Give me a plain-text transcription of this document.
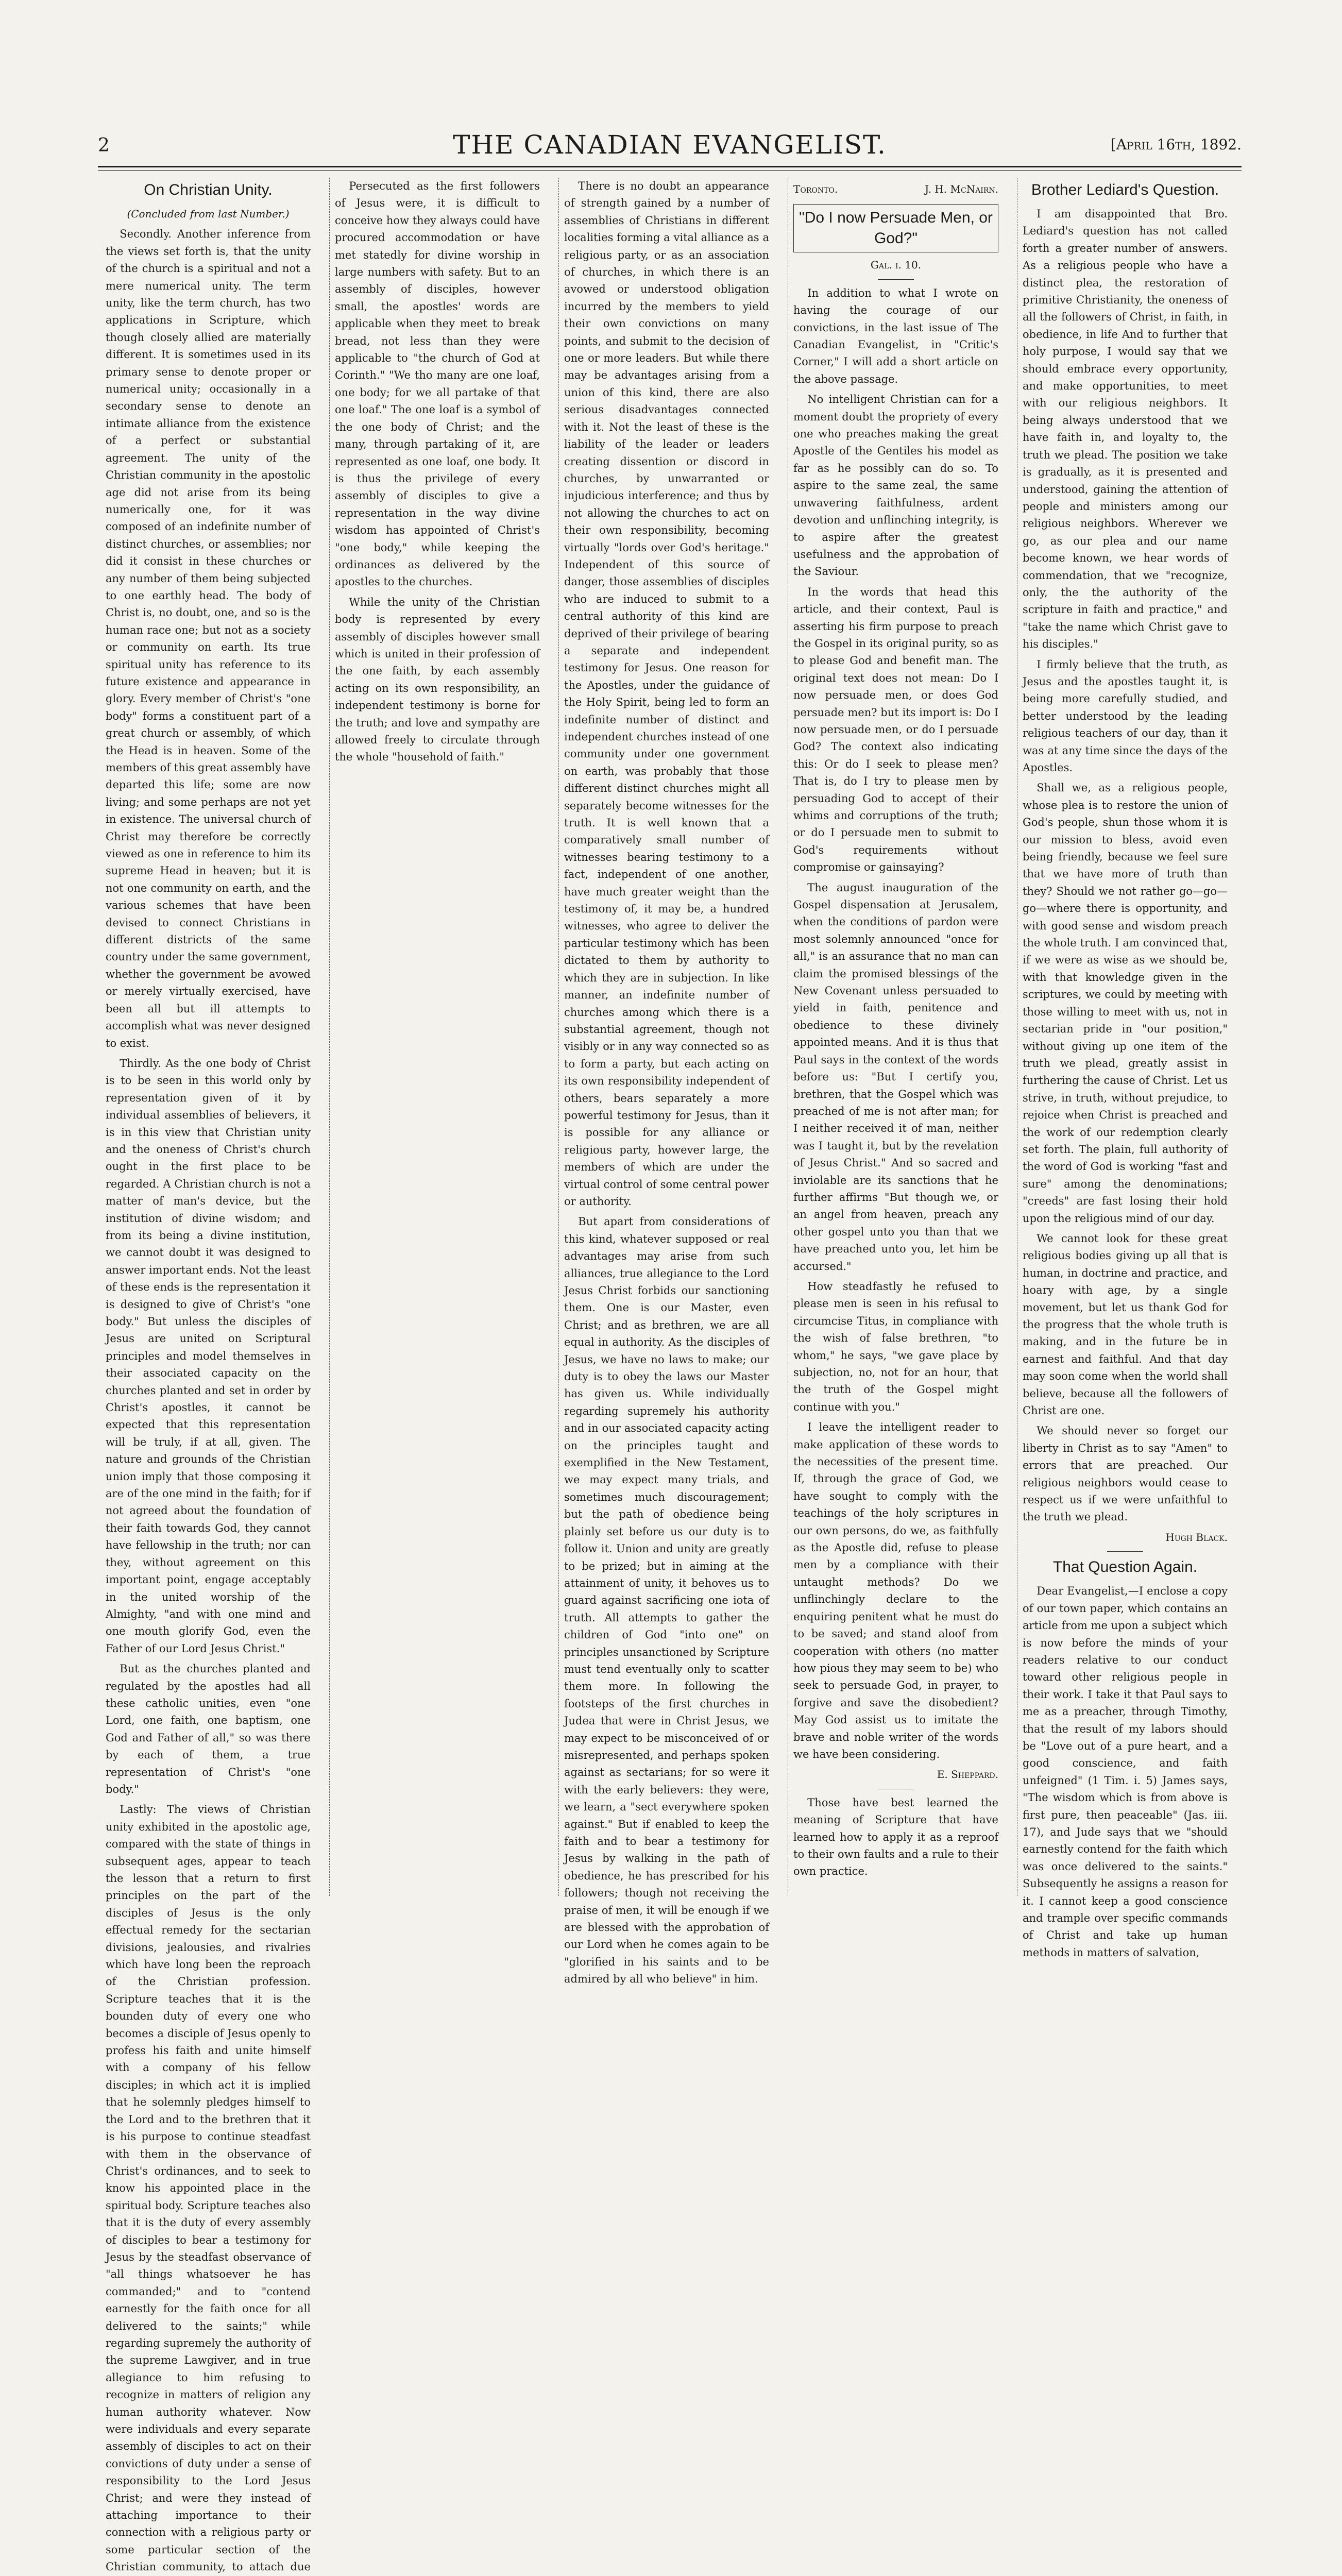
2	THE CANADIAN EVANGELIST.	[April 16th, 1892.
On Christian Unity.
(Concluded from last Number.)

Secondly. Another inference from the views set forth is, that the unity of the church is a spiritual and not a mere numerical unity. The term unity, like the term church, has two applications in Scripture, which though closely allied are materially different. It is sometimes used in its primary sense to denote proper or numerical unity; occasionally in a secondary sense to denote an intimate alliance from the existence of a perfect or substantial agreement. The unity of the Christian community in the apostolic age did not arise from its being numerically one, for it was composed of an indefinite number of distinct churches, or assemblies; nor did it consist in these churches or any number of them being subjected to one earthly head. The body of Christ is, no doubt, one, and so is the human race one; but not as a society or community on earth. Its true spiritual unity has reference to its future existence and appearance in glory. Every member of Christ's "one body" forms a constituent part of a great church or assembly, of which the Head is in heaven. Some of the members of this great assembly have departed this life; some are now living; and some perhaps are not yet in existence. The universal church of Christ may therefore be correctly viewed as one in reference to him its supreme Head in heaven; but it is not one community on earth, and the various schemes that have been devised to connect Christians in different districts of the same country under the same government, whether the government be avowed or merely virtually exercised, have been all but ill attempts to accomplish what was never designed to exist.

Thirdly. As the one body of Christ is to be seen in this world only by representation given of it by individual assemblies of believers, it is in this view that Christian unity and the oneness of Christ's church ought in the first place to be regarded. A Christian church is not a matter of man's device, but the institution of divine wisdom; and from its being a divine institution, we cannot doubt it was designed to answer important ends. Not the least of these ends is the representation it is designed to give of Christ's "one body." But unless the disciples of Jesus are united on Scriptural principles and model themselves in their associated capacity on the churches planted and set in order by Christ's apostles, it cannot be expected that this representation will be truly, if at all, given. The nature and grounds of the Christian union imply that those composing it are of the one mind in the faith; for if not agreed about the foundation of their faith towards God, they cannot have fellowship in the truth; nor can they, without agreement on this important point, engage acceptably in the united worship of the Almighty, "and with one mind and one mouth glorify God, even the Father of our Lord Jesus Christ."

But as the churches planted and regulated by the apostles had all these catholic unities, even "one Lord, one faith, one baptism, one God and Father of all," so was there by each of them, a true representation of Christ's "one body."

Lastly: The views of Christian unity exhibited in the apostolic age, compared with the state of things in subsequent ages, appear to teach the lesson that a return to first principles on the part of the disciples of Jesus is the only effectual remedy for the sectarian divisions, jealousies, and rivalries which have long been the reproach of the Christian profession. Scripture teaches that it is the bounden duty of every one who becomes a disciple of Jesus openly to profess his faith and unite himself with a company of his fellow disciples; in which act it is implied that he solemnly pledges himself to the Lord and to the brethren that it is his purpose to continue steadfast with them in the observance of Christ's ordinances, and to seek to know his appointed place in the spiritual body. Scripture teaches also that it is the duty of every assembly of disciples to bear a testimony for Jesus by the steadfast observance of "all things whatsoever he has commanded;" and to "contend earnestly for the faith once for all delivered to the saints;" while regarding supremely the authority of the supreme Lawgiver, and in true allegiance to him refusing to recognize in matters of religion any human authority whatever. Now were individuals and every separate assembly of disciples to act on their convictions of duty under a sense of responsibility to the Lord Jesus Christ; and were they instead of attaching importance to their connection with a religious party or some particular section of the Christian community, to attach due

Persecuted as the first followers of Jesus were, it is difficult to conceive how they always could have procured accommodation or have met statedly for divine worship in large numbers with safety. But to an assembly of disciples, however small, the apostles' words are applicable when they meet to break bread, not less than they were applicable to "the church of God at Corinth." "We tho many are one loaf, one body; for we all partake of that one loaf." The one loaf is a symbol of the one body of Christ; and the many, through partaking of it, are represented as one loaf, one body. It is thus the privilege of every assembly of disciples to give a representation in the way divine wisdom has appointed of Christ's "one body," while keeping the ordinances as delivered by the apostles to the churches.

While the unity of the Christian body is represented by every assembly of disciples however small which is united in their profession of the one faith, by each assembly acting on its own responsibility, an independent testimony is borne for the truth; and love and sympathy are allowed freely to circulate through the whole "household of faith."

There is no doubt an appearance of strength gained by a number of assemblies of Christians in different localities forming a vital alliance as a religious party, or as an association of churches, in which there is an avowed or understood obligation incurred by the members to yield their own convictions on many points, and submit to the decision of one or more leaders. But while there may be advantages arising from a union of this kind, there are also serious disadvantages connected with it. Not the least of these is the liability of the leader or leaders creating dissention or discord in churches, by unwarranted or injudicious interference; and thus by not allowing the churches to act on their own responsibility, becoming virtually "lords over God's heritage." Independent of this source of danger, those assemblies of disciples who are induced to submit to a central authority of this kind are deprived of their privilege of bearing a separate and independent testimony for Jesus. One reason for the Apostles, under the guidance of the Holy Spirit, being led to form an indefinite number of distinct and independent churches instead of one community under one government on earth, was probably that those different distinct churches might all separately become witnesses for the truth. It is well known that a comparatively small number of witnesses bearing testimony to a fact, independent of one another, have much greater weight than the testimony of, it may be, a hundred witnesses, who agree to deliver the particular testimony which has been dictated to them by authority to which they are in subjection. In like manner, an indefinite number of churches among which there is a substantial agreement, though not visibly or in any way connected so as to form a party, but each acting on its own responsibility independent of others, bears separately a more powerful testimony for Jesus, than it is possible for any alliance or religious party, however large, the members of which are under the virtual control of some central power or authority.

But apart from considerations of this kind, whatever supposed or real advantages may arise from such alliances, true allegiance to the Lord Jesus Christ forbids our sanctioning them. One is our Master, even Christ; and as brethren, we are all equal in authority. As the disciples of Jesus, we have no laws to make; our duty is to obey the laws our Master has given us. While individually regarding supremely his authority and in our associated capacity acting on the principles taught and exemplified in the New Testament, we may expect many trials, and sometimes much discouragement; but the path of obedience being plainly set before us our duty is to follow it. Union and unity are greatly to be prized; but in aiming at the attainment of unity, it behoves us to guard against sacrificing one iota of truth. All attempts to gather the children of God "into one" on principles unsanctioned by Scripture must tend eventually only to scatter them more. In following the footsteps of the first churches in Judea that were in Christ Jesus, we may expect to be misconceived of or misrepresented, and perhaps spoken against as sectarians; for so were it with the early believers: they were, we learn, a "sect everywhere spoken against." But if enabled to keep the faith and to bear a testimony for Jesus by walking in the path of obedience, he has prescribed for his followers; though not receiving the praise of men, it will be enough if we are blessed with the approbation of our Lord when he comes again to be "glorified in his saints and to be admired by all who believe" in him.

Toronto.	J. H. McNairn.
"Do I now Persuade Men, or God?"
Gal. i. 10.

In addition to what I wrote on having the courage of our convictions, in the last issue of The Canadian Evangelist, in "Critic's Corner," I will add a short article on the above passage.

No intelligent Christian can for a moment doubt the propriety of every one who preaches making the great Apostle of the Gentiles his model as far as he possibly can do so. To aspire to the same zeal, the same unwavering faithfulness, ardent devotion and unflinching integrity, is to aspire after the greatest usefulness and the approbation of the Saviour.

In the words that head this article, and their context, Paul is asserting his firm purpose to preach the Gospel in its original purity, so as to please God and benefit man. The original text does not mean: Do I now persuade men, or does God persuade men? but its import is: Do I now persuade men, or do I persuade God? The context also indicating this: Or do I seek to please men? That is, do I try to please men by persuading God to accept of their whims and corruptions of the truth; or do I persuade men to submit to God's requirements without compromise or gainsaying?

The august inauguration of the Gospel dispensation at Jerusalem, when the conditions of pardon were most solemnly announced "once for all," is an assurance that no man can claim the promised blessings of the New Covenant unless persuaded to yield in faith, penitence and obedience to these divinely appointed means. And it is thus that Paul says in the context of the words before us: "But I certify you, brethren, that the Gospel which was preached of me is not after man; for I neither received it of man, neither was I taught it, but by the revelation of Jesus Christ." And so sacred and inviolable are its sanctions that he further affirms "But though we, or an angel from heaven, preach any other gospel unto you than that we have preached unto you, let him be accursed."

How steadfastly he refused to please men is seen in his refusal to circumcise Titus, in compliance with the wish of false brethren, "to whom," he says, "we gave place by subjection, no, not for an hour, that the truth of the Gospel might continue with you."

I leave the intelligent reader to make application of these words to the necessities of the present time. If, through the grace of God, we have sought to comply with the teachings of the holy scriptures in our own persons, do we, as faithfully as the Apostle did, refuse to please men by a compliance with their untaught methods? Do we unflinchingly declare to the enquiring penitent what he must do to be saved; and stand aloof from cooperation with others (no matter how pious they may seem to be) who seek to persuade God, in prayer, to forgive and save the disobedient? May God assist us to imitate the brave and noble writer of the words we have been considering.

E. Sheppard.

Those have best learned the meaning of Scripture that have learned how to apply it as a reproof to their own faults and a rule to their own practice.

Brother Lediard's Question.

I am disappointed that Bro. Lediard's question has not called forth a greater number of answers. As a religious people who have a distinct plea, the restoration of primitive Christianity, the oneness of all the followers of Christ, in faith, in obedience, in life And to further that holy purpose, I would say that we should embrace every opportunity, and make opportunities, to meet with our religious neighbors. It being always understood that we have faith in, and loyalty to, the truth we plead. The position we take is gradually, as it is presented and understood, gaining the attention of people and ministers among our religious neighbors. Wherever we go, as our plea and our name become known, we hear words of commendation, that we "recognize, only, the the authority of the scripture in faith and practice," and "take the name which Christ gave to his disciples."

I firmly believe that the truth, as Jesus and the apostles taught it, is being more carefully studied, and better understood by the leading religious teachers of our day, than it was at any time since the days of the Apostles.

Shall we, as a religious people, whose plea is to restore the union of God's people, shun those whom it is our mission to bless, avoid even being friendly, because we feel sure that we have more of truth than they? Should we not rather go—go—go—where there is opportunity, and with good sense and wisdom preach the whole truth. I am convinced that, if we were as wise as we should be, with that knowledge given in the scriptures, we could by meeting with those willing to meet with us, not in sectarian pride in "our position," without giving up one item of the truth we plead, greatly assist in furthering the cause of Christ. Let us strive, in truth, without prejudice, to rejoice when Christ is preached and the work of our redemption clearly set forth. The plain, full authority of the word of God is working "fast and sure" among the denominations; "creeds" are fast losing their hold upon the religious mind of our day.

We cannot look for these great religious bodies giving up all that is human, in doctrine and practice, and hoary with age, by a single movement, but let us thank God for the progress that the whole truth is making, and in the future be in earnest and faithful. And that day may soon come when the world shall believe, because all the followers of Christ are one.

We should never so forget our liberty in Christ as to say "Amen" to errors that are preached. Our religious neighbors would cease to respect us if we were unfaithful to the truth we plead.

Hugh Black.
That Question Again.

Dear Evangelist,—I enclose a copy of our town paper, which contains an article from me upon a subject which is now before the minds of your readers relative to our conduct toward other religious people in their work. I take it that Paul says to me as a preacher, through Timothy, that the result of my labors should be "Love out of a pure heart, and a good conscience, and faith unfeigned" (1 Tim. i. 5) James says, "The wisdom which is from above is first pure, then peaceable" (Jas. iii. 17), and Jude says that we "should earnestly contend for the faith which was once delivered to the saints." Subsequently he assigns a reason for it. I cannot keep a good conscience and trample over specific commands of Christ and take up human methods in matters of salvation,
